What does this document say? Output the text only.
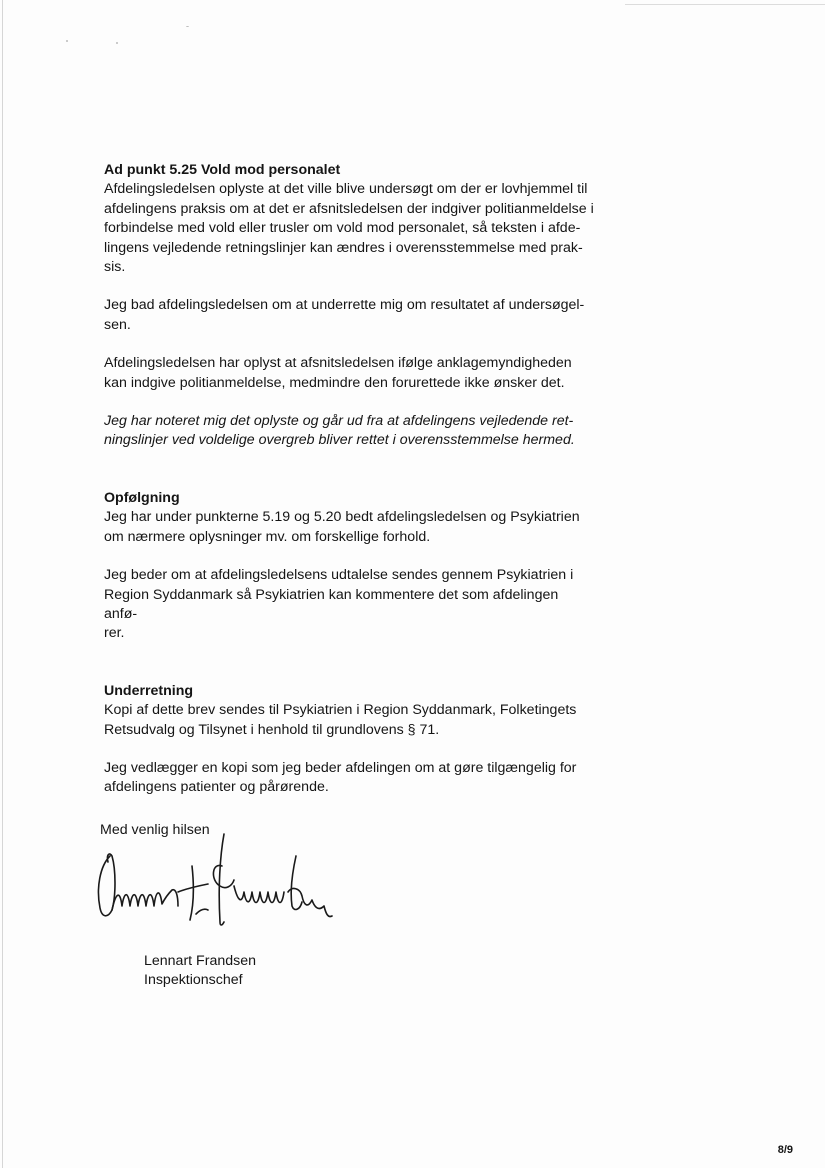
Ad punkt 5.25 Vold mod personalet

Afdelingsledelsen oplyste at det ville blive undersøgt om der er lovhjemmel til
afdelingens praksis om at det er afsnitsledelsen der indgiver politianmeldelse i
forbindelse med vold eller trusler om vold mod personalet, så teksten i afde-
lingens vejledende retningslinjer kan ændres i overensstemmelse med prak-
sis.

Jeg bad afdelingsledelsen om at underrette mig om resultatet af undersøgel-
sen.

Afdelingsledelsen har oplyst at afsnitsledelsen ifølge anklagemyndigheden
kan indgive politianmeldelse, medmindre den forurettede ikke ønsker det.

Jeg har noteret mig det oplyste og går ud fra at afdelingens vejledende ret-
ningslinjer ved voldelige overgreb bliver rettet i overensstemmelse hermed.

Opfølgning

Jeg har under punkterne 5.19 og 5.20 bedt afdelingsledelsen og Psykiatrien
om nærmere oplysninger mv. om forskellige forhold.

Jeg beder om at afdelingsledelsens udtalelse sendes gennem Psykiatrien i
Region Syddanmark så Psykiatrien kan kommentere det som afdelingen anfø-
rer.

Underretning

Kopi af dette brev sendes til Psykiatrien i Region Syddanmark, Folketingets
Retsudvalg og Tilsynet i henhold til grundlovens § 71.

Jeg vedlægger en kopi som jeg beder afdelingen om at gøre tilgængelig for
afdelingens patienter og pårørende.

Med venlig hilsen
Lennart Frandsen
Inspektionschef
8/9
